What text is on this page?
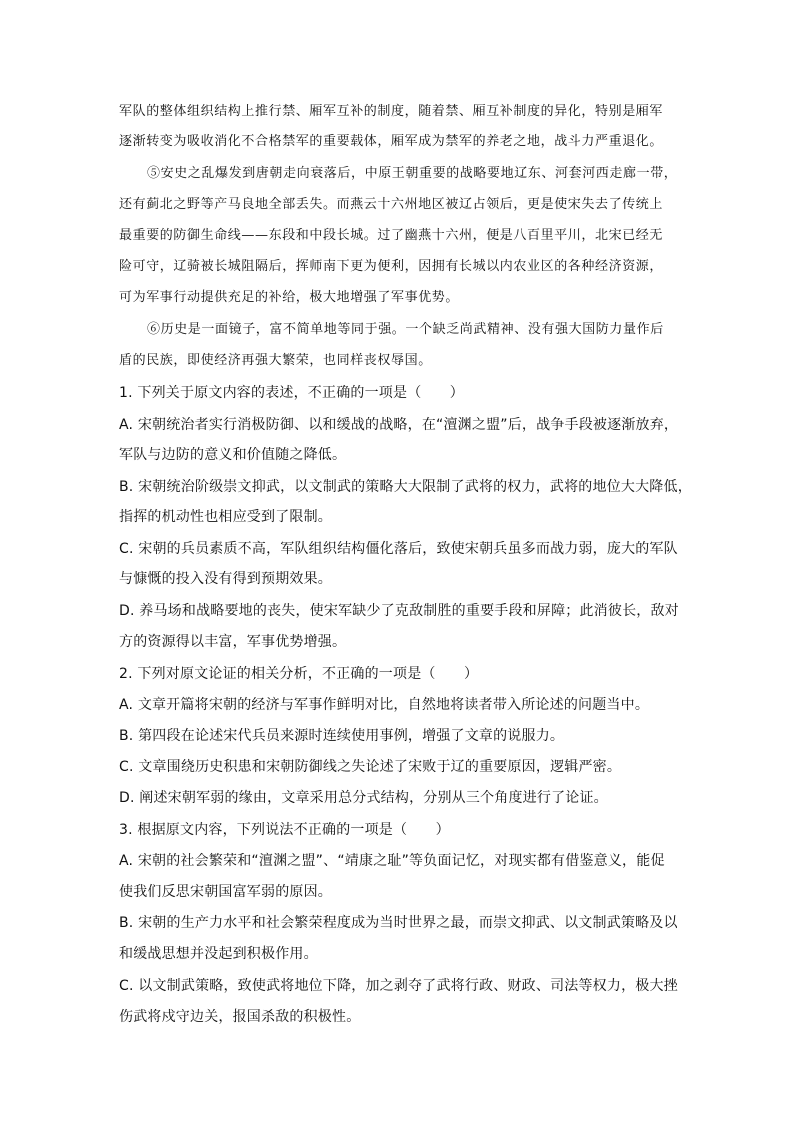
军队的整体组织结构上推行禁、厢军互补的制度，随着禁、厢互补制度的异化，特别是厢军
逐渐转变为吸收消化不合格禁军的重要载体，厢军成为禁军的养老之地，战斗力严重退化。
⑤安史之乱爆发到唐朝走向衰落后，中原王朝重要的战略要地辽东、河套河西走廊一带，
还有蓟北之野等产马良地全部丢失。而燕云十六州地区被辽占领后，更是使宋失去了传统上
最重要的防御生命线——东段和中段长城。过了幽燕十六州，便是八百里平川，北宋已经无
险可守，辽骑被长城阻隔后，挥师南下更为便利，因拥有长城以内农业区的各种经济资源，
可为军事行动提供充足的补给，极大地增强了军事优势。
⑥历史是一面镜子，富不简单地等同于强。一个缺乏尚武精神、没有强大国防力量作后
盾的民族，即使经济再强大繁荣，也同样丧权辱国。
1. 下列关于原文内容的表述，不正确的一项是（　　）
A. 宋朝统治者实行消极防御、以和缓战的战略，在“澶渊之盟”后，战争手段被逐渐放弃，
军队与边防的意义和价值随之降低。
B. 宋朝统治阶级崇文抑武，以文制武的策略大大限制了武将的权力，武将的地位大大降低，
指挥的机动性也相应受到了限制。
C. 宋朝的兵员素质不高，军队组织结构僵化落后，致使宋朝兵虽多而战力弱，庞大的军队
与慷慨的投入没有得到预期效果。
D. 养马场和战略要地的丧失，使宋军缺少了克敌制胜的重要手段和屏障；此消彼长，敌对
方的资源得以丰富，军事优势增强。
2. 下列对原文论证的相关分析，不正确的一项是（　　）
A. 文章开篇将宋朝的经济与军事作鲜明对比，自然地将读者带入所论述的问题当中。
B. 第四段在论述宋代兵员来源时连续使用事例，增强了文章的说服力。
C. 文章围绕历史积患和宋朝防御线之失论述了宋败于辽的重要原因，逻辑严密。
D. 阐述宋朝军弱的缘由，文章采用总分式结构，分别从三个角度进行了论证。
3. 根据原文内容，下列说法不正确的一项是（　　）
A. 宋朝的社会繁荣和“澶渊之盟”、“靖康之耻”等负面记忆，对现实都有借鉴意义，能促
使我们反思宋朝国富军弱的原因。
B. 宋朝的生产力水平和社会繁荣程度成为当时世界之最，而崇文抑武、以文制武策略及以
和缓战思想并没起到积极作用。
C. 以文制武策略，致使武将地位下降，加之剥夺了武将行政、财政、司法等权力，极大挫
伤武将戍守边关，报国杀敌的积极性。
